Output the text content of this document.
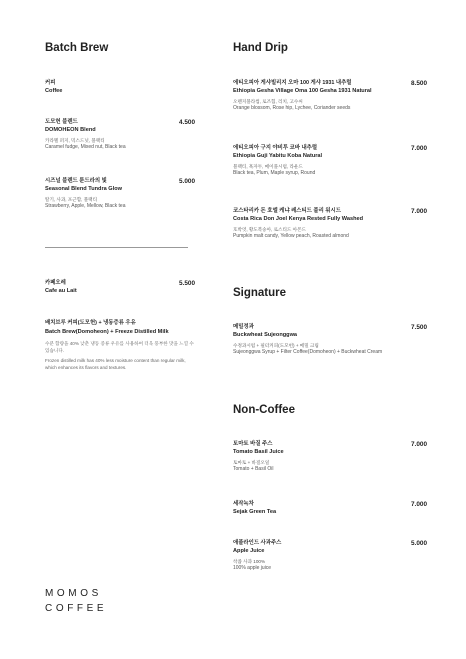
Batch Brew
커피
Coffee
도모헌 블렌드
DOMOHEON Blend
카라멜 퍼지, 믹스드넛, 블랙티
Caramel fudge, Mixed nut, Black tea
4.500
시즈널 블렌드 툰드라의 빛
Seasonal Blend Tundra Glow
딸기, 사과, 포근함, 블랙티
Strawberry, Apple, Mellow, Black tea
5.000
카페오레
Cafe au Lait
5.500
배치브루 커피(도모헌) + 냉동증류 우유
Batch Brew(Domoheon) + Freeze Distilled Milk
수분 함량을 40% 낮춘 냉동 증류 우유를 사용하여 더욱 풍부한 맛을 느낄 수 있습니다.
Frozen distilled milk has 40% less moisture content than regular milk, which enhances its flavors and textures.
MOMOS
COFFEE
Hand Drip
에티오피아 게샤빌리지 오마 100 게샤 1931 내추럴
Ethiopia Gesha Village Oma 100 Gesha 1931 Natural
오렌지블라썸, 로즈힙, 리치, 고수씨
Orange blossom, Rose hip, Lychee, Coriander seeds
8.500
에티오피아 구지 야비투 코바 내추럴
Ethiopia Guji Yabitu Koba Natural
블랙티, 흑자두, 메이플시럽, 라운드
Black tea, Plum, Maple syrup, Round
7.000
코스타리카 돈 호엘 케냐 레스티드 풀리 워시드
Costa Rica Don Joel Kenya Rested Fully Washed
호박엿, 황도복숭아, 로스티드 아몬드
Pumpkin malt candy, Yellow peach, Roasted almond
7.000
Signature
메밀정과
Buckwheat Sujeonggwa
수정과시럽 + 필터커피(도모헌) + 메밀 크림
Sujeonggwa Syrup + Filter Coffee(Domoheon) + Buckwheat Cream
7.500
Non-Coffee
토마토 바질 주스
Tomato Basil Juice
토마토 + 바질오일
Tomato + Basil Oil
7.000
세작녹차
Sejak Green Tea
7.000
애플라인드 사과주스
Apple Juice
착즙 사과 100%
100% apple juice
5.000
